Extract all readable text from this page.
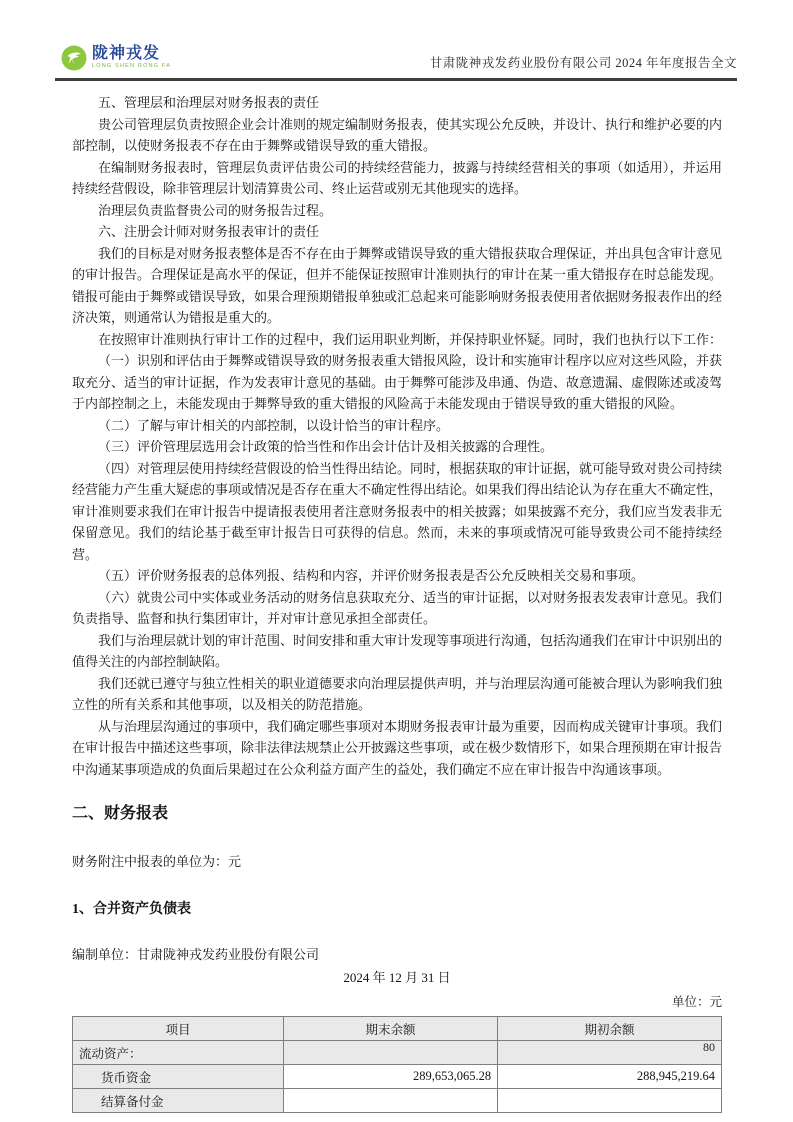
陇神戎发
LONG SHEN RONG FA	甘肃陇神戎发药业股份有限公司 2024 年年度报告全文

五、管理层和治理层对财务报表的责任

贵公司管理层负责按照企业会计准则的规定编制财务报表，使其实现公允反映，并设计、执行和维护必要的内部控制，以使财务报表不存在由于舞弊或错误导致的重大错报。

在编制财务报表时，管理层负责评估贵公司的持续经营能力，披露与持续经营相关的事项（如适用），并运用持续经营假设，除非管理层计划清算贵公司、终止运营或别无其他现实的选择。

治理层负责监督贵公司的财务报告过程。

六、注册会计师对财务报表审计的责任

我们的目标是对财务报表整体是否不存在由于舞弊或错误导致的重大错报获取合理保证，并出具包含审计意见的审计报告。合理保证是高水平的保证，但并不能保证按照审计准则执行的审计在某一重大错报存在时总能发现。错报可能由于舞弊或错误导致，如果合理预期错报单独或汇总起来可能影响财务报表使用者依据财务报表作出的经济决策，则通常认为错报是重大的。

在按照审计准则执行审计工作的过程中，我们运用职业判断，并保持职业怀疑。同时，我们也执行以下工作：

（一）识别和评估由于舞弊或错误导致的财务报表重大错报风险，设计和实施审计程序以应对这些风险，并获取充分、适当的审计证据，作为发表审计意见的基础。由于舞弊可能涉及串通、伪造、故意遗漏、虚假陈述或凌驾于内部控制之上，未能发现由于舞弊导致的重大错报的风险高于未能发现由于错误导致的重大错报的风险。

（二）了解与审计相关的内部控制，以设计恰当的审计程序。

（三）评价管理层选用会计政策的恰当性和作出会计估计及相关披露的合理性。

（四）对管理层使用持续经营假设的恰当性得出结论。同时，根据获取的审计证据，就可能导致对贵公司持续经营能力产生重大疑虑的事项或情况是否存在重大不确定性得出结论。如果我们得出结论认为存在重大不确定性，审计准则要求我们在审计报告中提请报表使用者注意财务报表中的相关披露；如果披露不充分，我们应当发表非无保留意见。我们的结论基于截至审计报告日可获得的信息。然而，未来的事项或情况可能导致贵公司不能持续经营。

（五）评价财务报表的总体列报、结构和内容，并评价财务报表是否公允反映相关交易和事项。

（六）就贵公司中实体或业务活动的财务信息获取充分、适当的审计证据，以对财务报表发表审计意见。我们负责指导、监督和执行集团审计，并对审计意见承担全部责任。

我们与治理层就计划的审计范围、时间安排和重大审计发现等事项进行沟通，包括沟通我们在审计中识别出的值得关注的内部控制缺陷。

我们还就已遵守与独立性相关的职业道德要求向治理层提供声明，并与治理层沟通可能被合理认为影响我们独立性的所有关系和其他事项，以及相关的防范措施。

从与治理层沟通过的事项中，我们确定哪些事项对本期财务报表审计最为重要，因而构成关键审计事项。我们在审计报告中描述这些事项，除非法律法规禁止公开披露这些事项，或在极少数情形下，如果合理预期在审计报告中沟通某事项造成的负面后果超过在公众利益方面产生的益处，我们确定不应在审计报告中沟通该事项。

二、财务报表

财务附注中报表的单位为：元

1、合并资产负债表

编制单位：甘肃陇神戎发药业股份有限公司

2024 年 12 月 31 日

单位：元

项目	期末余额	期初余额
流动资产：		
货币资金	289,653,065.28	288,945,219.64
结算备付金		
80
